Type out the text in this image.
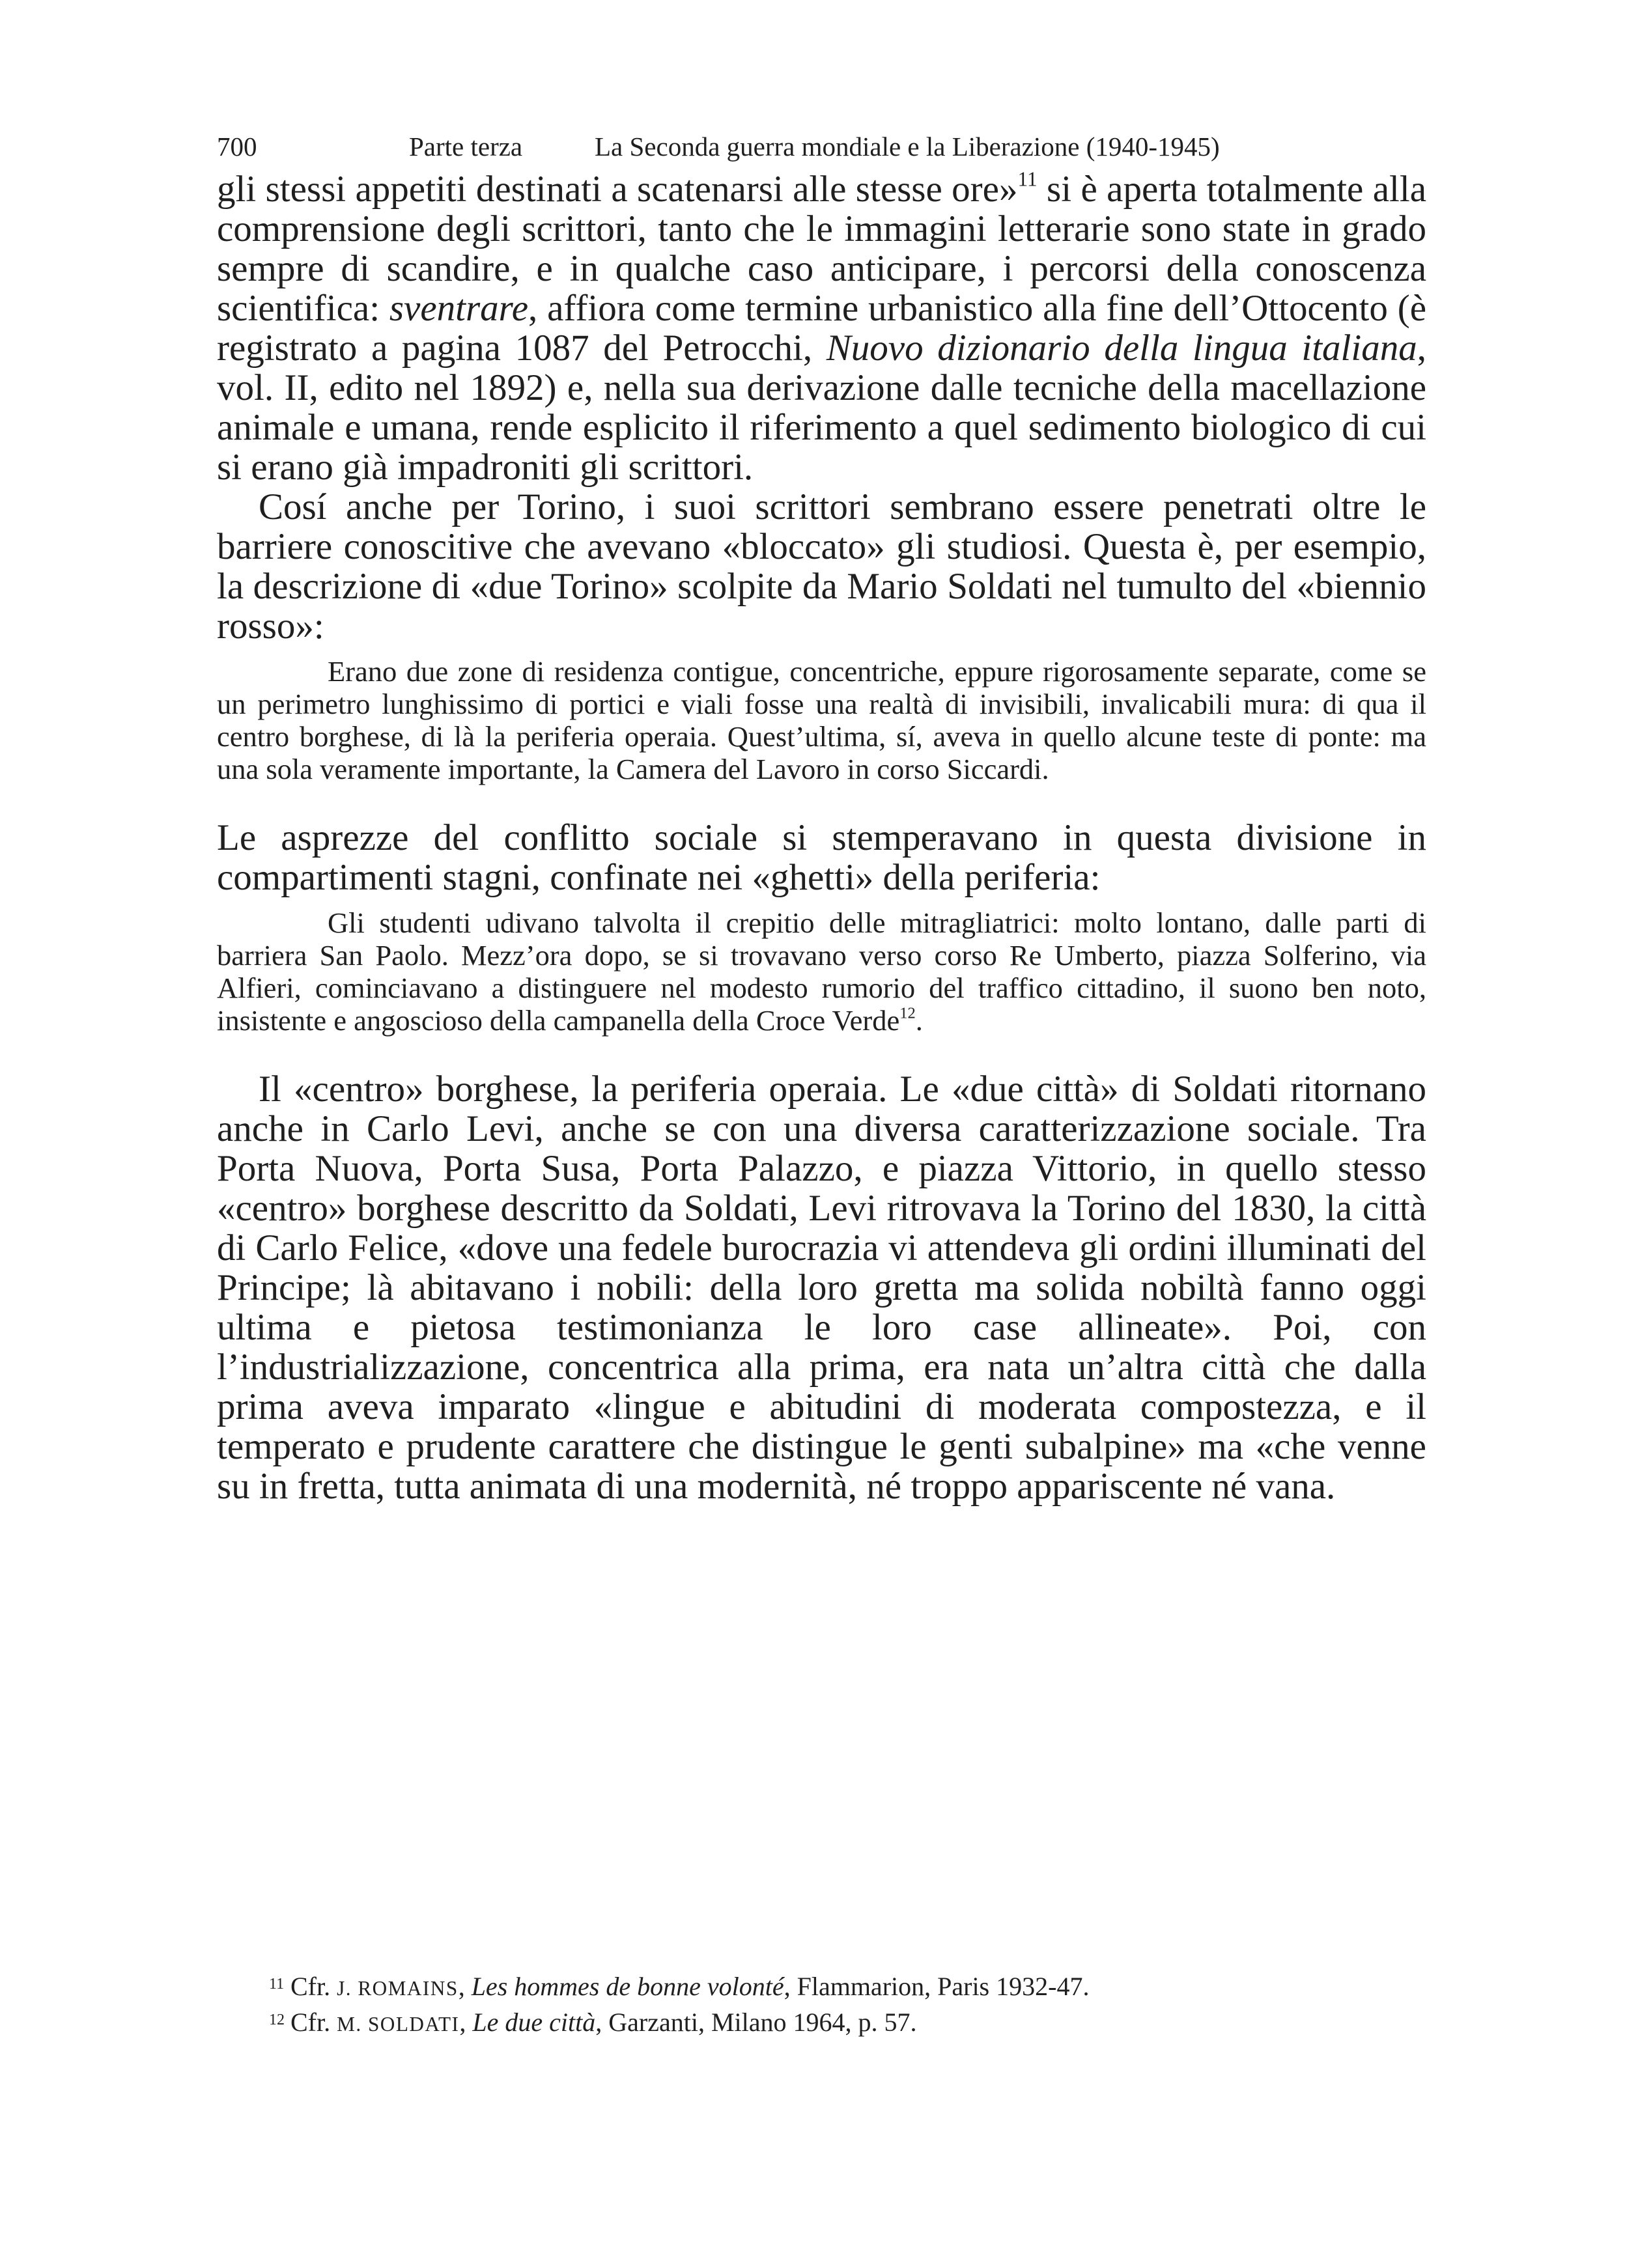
700	Parte terza	La Seconda guerra mondiale e la Liberazione (1940-1945)

gli stessi appetiti destinati a scatenarsi alle stesse ore»$^{11}$ si è aperta totalmente alla comprensione degli scrittori, tanto che le immagini letterarie sono state in grado sempre di scandire, e in qualche caso anticipare, i percorsi della conoscenza scientifica: sventrare, affiora come termine urbanistico alla fine dell’Ottocento (è registrato a pagina 1087 del Petrocchi, Nuovo dizionario della lingua italiana, vol. II, edito nel 1892) e, nella sua derivazione dalle tecniche della macellazione animale e umana, rende esplicito il riferimento a quel sedimento biologico di cui si erano già impadroniti gli scrittori.

Cosí anche per Torino, i suoi scrittori sembrano essere penetrati oltre le barriere conoscitive che avevano «bloccato» gli studiosi. Questa è, per esempio, la descrizione di «due Torino» scolpite da Mario Soldati nel tumulto del «biennio rosso»:

Erano due zone di residenza contigue, concentriche, eppure rigorosamente separate, come se un perimetro lunghissimo di portici e viali fosse una realtà di invisibili, invalicabili mura: di qua il centro borghese, di là la periferia operaia. Quest’ultima, sí, aveva in quello alcune teste di ponte: ma una sola veramente importante, la Camera del Lavoro in corso Siccardi.

Le asprezze del conflitto sociale si stemperavano in questa divisione in compartimenti stagni, confinate nei «ghetti» della periferia:

Gli studenti udivano talvolta il crepitio delle mitragliatrici: molto lontano, dalle parti di barriera San Paolo. Mezz’ora dopo, se si trovavano verso corso Re Umberto, piazza Solferino, via Alfieri, cominciavano a distinguere nel modesto rumorio del traffico cittadino, il suono ben noto, insistente e angoscioso della campanella della Croce Verde$^{12}$.

Il «centro» borghese, la periferia operaia. Le «due città» di Soldati ritornano anche in Carlo Levi, anche se con una diversa caratterizzazione sociale. Tra Porta Nuova, Porta Susa, Porta Palazzo, e piazza Vittorio, in quello stesso «centro» borghese descritto da Soldati, Levi ritrovava la Torino del 1830, la città di Carlo Felice, «dove una fedele burocrazia vi attendeva gli ordini illuminati del Principe; là abitavano i nobili: della loro gretta ma solida nobiltà fanno oggi ultima e pietosa testimonianza le loro case allineate». Poi, con l’industrializzazione, concentrica alla prima, era nata un’altra città che dalla prima aveva imparato «lingue e abitudini di moderata compostezza, e il temperato e prudente carattere che distingue le genti subalpine» ma «che venne su in fretta, tutta animata di una modernità, né troppo appariscente né vana.

11 Cfr. J. ROMAINS, Les hommes de bonne volonté, Flammarion, Paris 1932-47.
12 Cfr. M. SOLDATI, Le due città, Garzanti, Milano 1964, p. 57.
